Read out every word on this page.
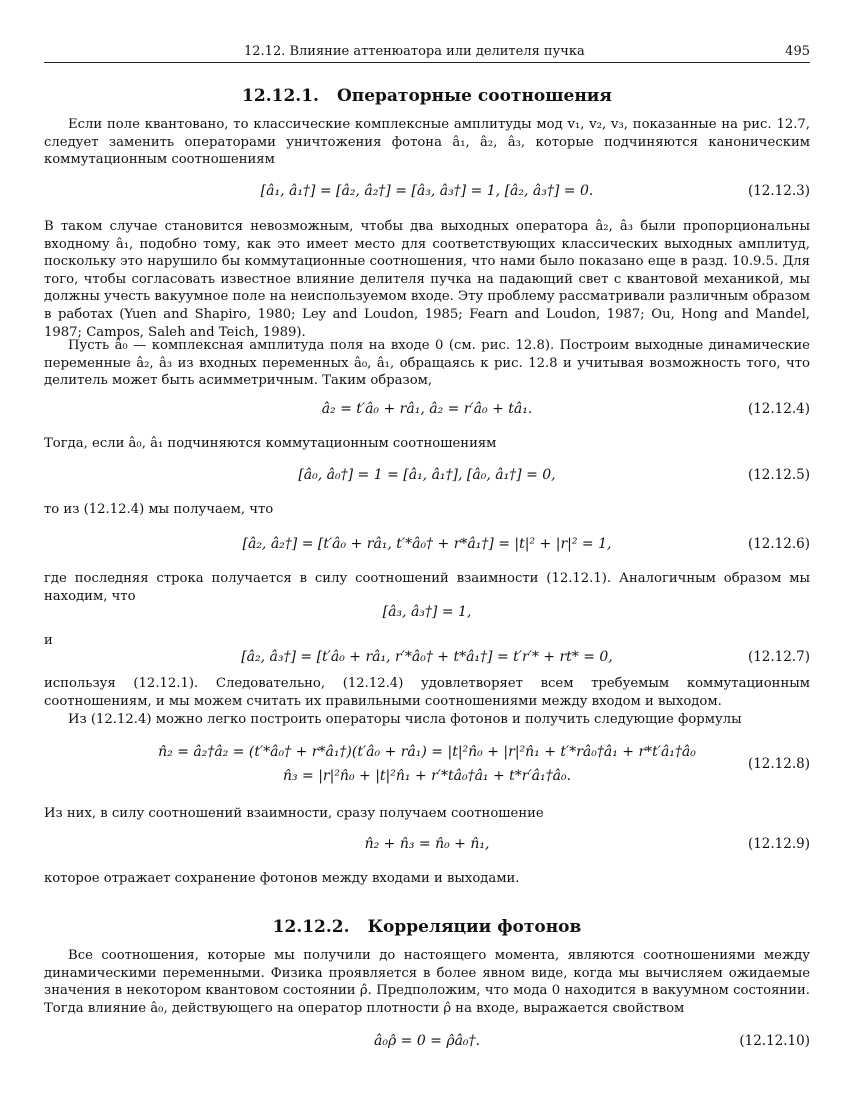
12.12. Влияние аттенюатора или делителя пучка	495
12.12.1. Операторные соотношения

Если поле квантовано, то классические комплексные амплитуды мод v₁, v₂, v₃, показанные на рис. 12.7, следует заменить операторами уничтожения фотона â₁, â₂, â₃, которые подчиняются каноническим коммутационным соотношениям

[â₁, â₁†] = [â₂, â₂†] = [â₃, â₃†] = 1, [â₂, â₃†] = 0.	(12.12.3)

В таком случае становится невозможным, чтобы два выходных оператора â₂, â₃ были пропорциональны входному â₁, подобно тому, как это имеет место для соответствующих классических выходных амплитуд, поскольку это нарушило бы коммутационные соотношения, что нами было показано еще в разд. 10.9.5. Для того, чтобы согласовать известное влияние делителя пучка на падающий свет с квантовой механикой, мы должны учесть вакуумное поле на неиспользуемом входе. Эту проблему рассматривали различным образом в работах (Yuen and Shapiro, 1980; Ley and Loudon, 1985; Fearn and Loudon, 1987; Ou, Hong and Mandel, 1987; Campos, Saleh and Teich, 1989).

Пусть â₀ — комплексная амплитуда поля на входе 0 (см. рис. 12.8). Построим выходные динамические переменные â₂, â₃ из входных переменных â₀, â₁, обращаясь к рис. 12.8 и учитывая возможность того, что делитель может быть асимметричным. Таким образом,

â₂ = t′â₀ + râ₁, â₂ = r′â₀ + tâ₁.	(12.12.4)

Тогда, если â₀, â₁ подчиняются коммутационным соотношениям

[â₀, â₀†] = 1 = [â₁, â₁†], [â₀, â₁†] = 0,	(12.12.5)

то из (12.12.4) мы получаем, что

[â₂, â₂†] = [t′â₀ + râ₁, t′*â₀† + r*â₁†] = |t|² + |r|² = 1,	(12.12.6)

где последняя строка получается в силу соотношений взаимности (12.12.1). Аналогичным образом мы находим, что

[â₃, â₃†] = 1,

и

[â₂, â₃†] = [t′â₀ + râ₁, r′*â₀† + t*â₁†] = t′r′* + rt* = 0,	(12.12.7)

используя (12.12.1). Следовательно, (12.12.4) удовлетворяет всем требуемым коммутационным соотношениям, и мы можем считать их правильными соотношениями между входом и выходом.

Из (12.12.4) можно легко построить операторы числа фотонов и получить следующие формулы

n̂₂ = â₂†â₂ = (t′*â₀† + r*â₁†)(t′â₀ + râ₁) = |t|²n̂₀ + |r|²n̂₁ + t′*râ₀†â₁ + r*t′â₁†â₀
n̂₃ = |r|²n̂₀ + |t|²n̂₁ + r′*tâ₀†â₁ + t*r′â₁†â₀.
(12.12.8)

Из них, в силу соотношений взаимности, сразу получаем соотношение

n̂₂ + n̂₃ = n̂₀ + n̂₁,	(12.12.9)

которое отражает сохранение фотонов между входами и выходами.

12.12.2. Корреляции фотонов

Все соотношения, которые мы получили до настоящего момента, являются соотношениями между динамическими переменными. Физика проявляется в более явном виде, когда мы вычисляем ожидаемые значения в некотором квантовом состоянии ρ̂. Предположим, что мода 0 находится в вакуумном состоянии. Тогда влияние â₀, действующего на оператор плотности ρ̂ на входе, выражается свойством

â₀ρ̂ = 0 = ρ̂â₀†.	(12.12.10)
